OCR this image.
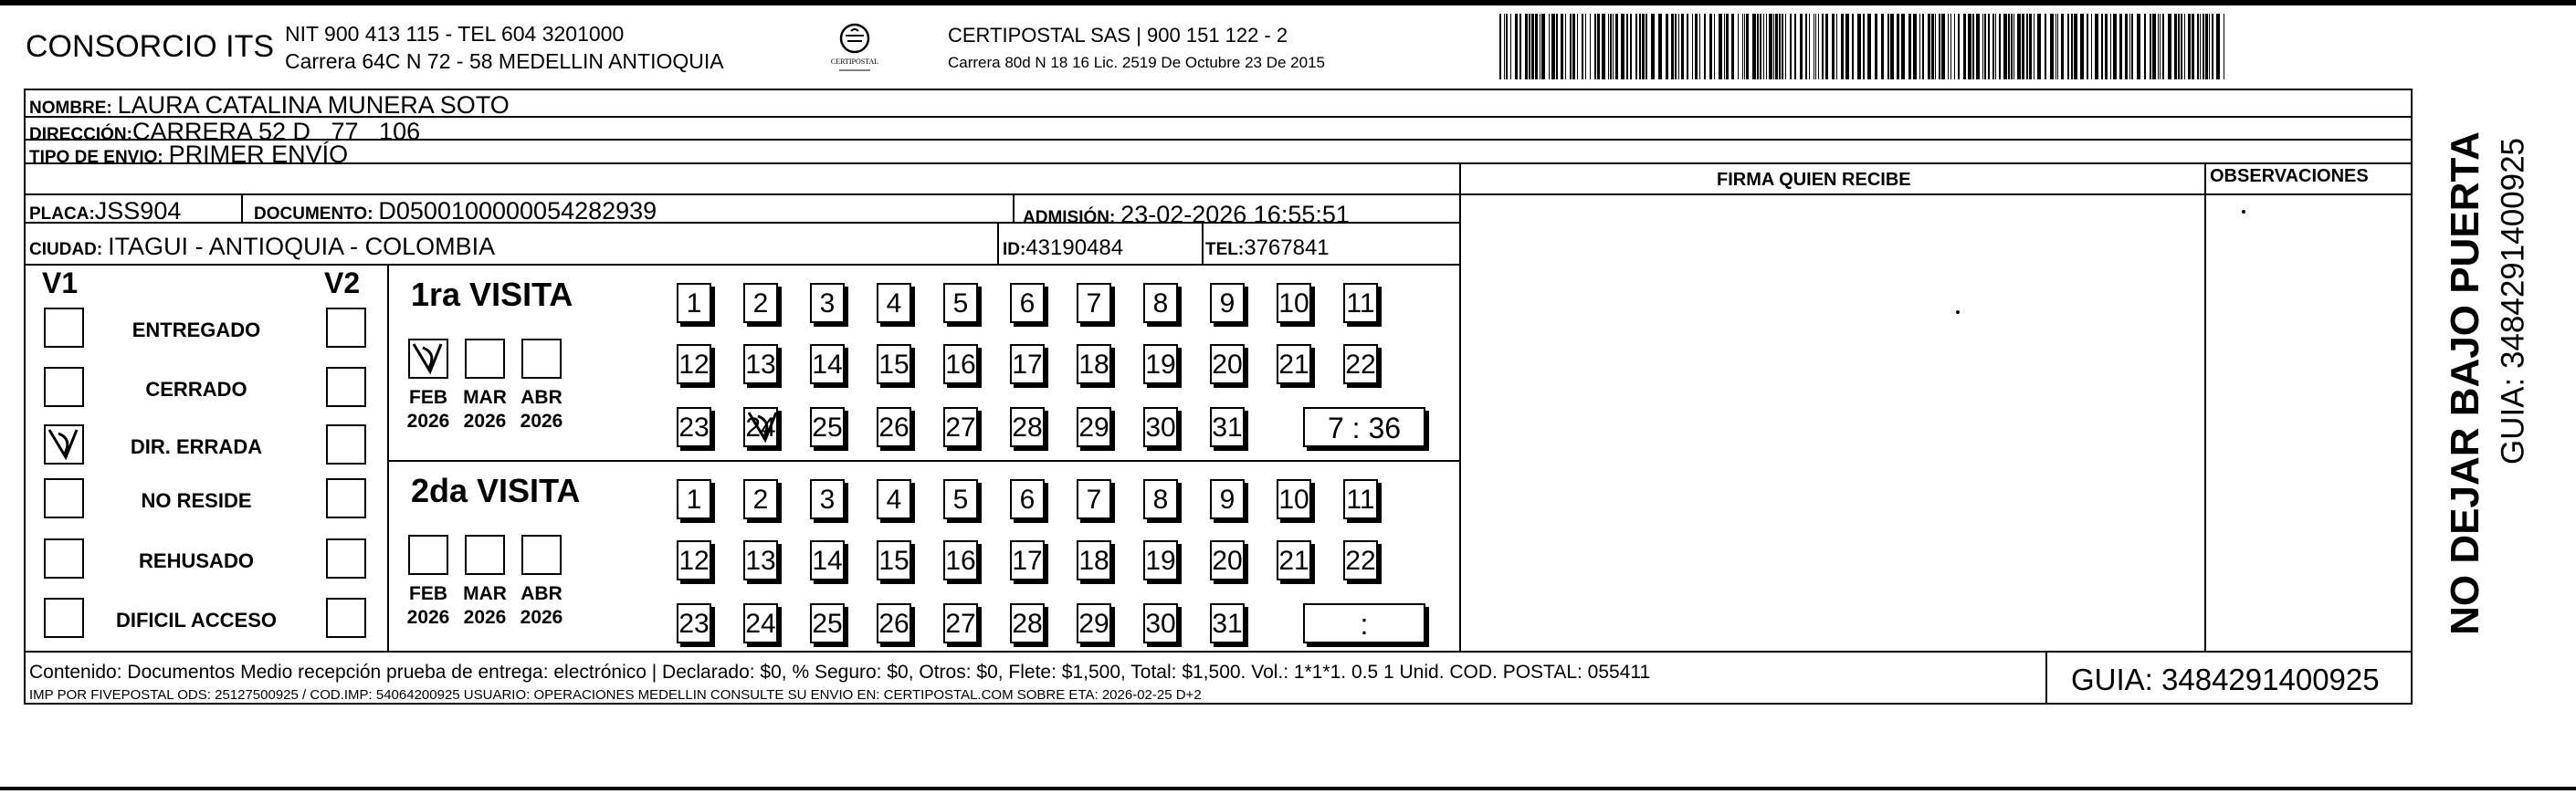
CONSORCIO ITS NIT 900 413 115 - TEL 604 3201000
Carrera 64C N 72 - 58 MEDELLIN ANTIOQUIA	CERTIPOSTAL
CERTIPOSTAL SAS | 900 151 122 - 2
Carrera 80d N 18 16 Lic. 2519 De Octubre 23 De 2015
NOMBRE: LAURA CATALINA MUNERA SOTO
DIRECCIÓN:CARRERA 52 D   77   106
TIPO DE ENVIO: PRIMER ENVÍO
FIRMA QUIEN RECIBE	OBSERVACIONES
PLACA:JSS904	DOCUMENTO: D0500100000054282939	ADMISIÓN: 23-02-2026 16:55:51
CIUDAD: ITAGUI - ANTIOQUIA - COLOMBIA	ID:43190484	TEL:3767841
V1	V2
ENTREGADO
CERRADO
DIR. ERRADA
NO RESIDE
REHUSADO
DIFICIL ACCESO
1ra VISITA
FEB
2026
MAR
2026
ABR
2026
1	2	3	4	5	6	7	8	9	10 11
12 13 14 15 16 17 18 19 20 21 22
23 24 25 26 27 28 29 30 31	7 : 36
2da VISITA
FEB
2026
MAR
2026
ABR
2026
1	2	3	4	5	6	7	8	9	10 11
12 13 14 15 16 17 18 19 20 21 22
23 24 25 26 27 28 29 30 31	:
Contenido: Documentos Medio recepción prueba de entrega: electrónico | Declarado: $0, % Seguro: $0, Otros: $0, Flete: $1,500, Total: $1,500. Vol.: 1*1*1. 0.5 1 Unid. COD. POSTAL: 055411
IMP POR FIVEPOSTAL ODS: 25127500925 / COD.IMP: 54064200925 USUARIO: OPERACIONES MEDELLIN CONSULTE SU ENVIO EN: CERTIPOSTAL.COM SOBRE ETA: 2026-02-25 D+2	GUIA: 3484291400925
NO DEJAR BAJO PUERTA GUIA: 3484291400925
